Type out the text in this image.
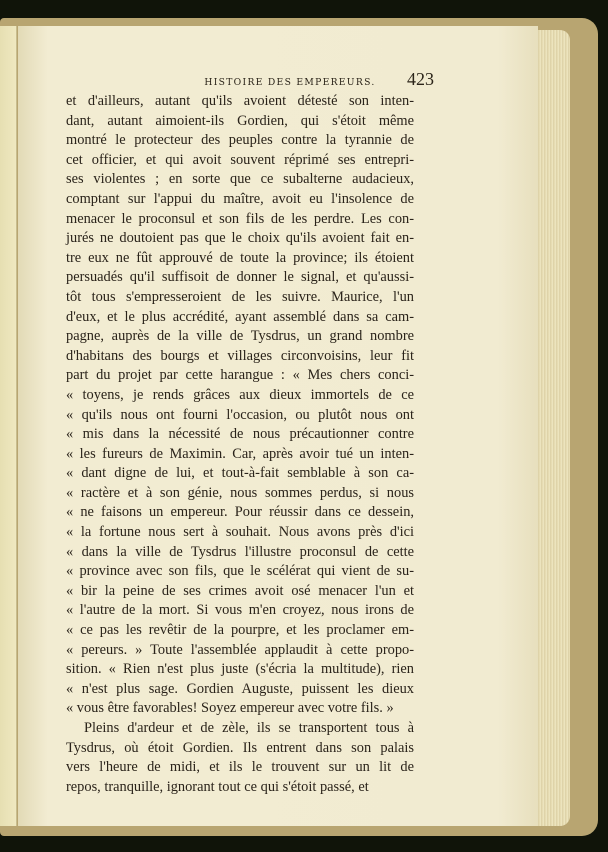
HISTOIRE DES EMPEREURS.	423
et d'ailleurs, autant qu'ils avoient détesté son inten-
dant, autant aimoient-ils Gordien, qui s'étoit même
montré le protecteur des peuples contre la tyrannie de
cet officier, et qui avoit souvent réprimé ses entrepri-
ses violentes ; en sorte que ce subalterne audacieux,
comptant sur l'appui du maître, avoit eu l'insolence de
menacer le proconsul et son fils de les perdre. Les con-
jurés ne doutoient pas que le choix qu'ils avoient fait en-
tre eux ne fût approuvé de toute la province; ils étoient
persuadés qu'il suffisoit de donner le signal, et qu'aussi-
tôt tous s'empresseroient de les suivre. Maurice, l'un
d'eux, et le plus accrédité, ayant assemblé dans sa cam-
pagne, auprès de la ville de Tysdrus, un grand nombre
d'habitans des bourgs et villages circonvoisins, leur fit
part du projet par cette harangue : « Mes chers conci-
« toyens, je rends grâces aux dieux immortels de ce
« qu'ils nous ont fourni l'occasion, ou plutôt nous ont
« mis dans la nécessité de nous précautionner contre
« les fureurs de Maximin. Car, après avoir tué un inten-
« dant digne de lui, et tout-à-fait semblable à son ca-
« ractère et à son génie, nous sommes perdus, si nous
« ne faisons un empereur. Pour réussir dans ce dessein,
« la fortune nous sert à souhait. Nous avons près d'ici
« dans la ville de Tysdrus l'illustre proconsul de cette
« province avec son fils, que le scélérat qui vient de su-
« bir la peine de ses crimes avoit osé menacer l'un et
« l'autre de la mort. Si vous m'en croyez, nous irons de
« ce pas les revêtir de la pourpre, et les proclamer em-
« pereurs. » Toute l'assemblée applaudit à cette propo-
sition. « Rien n'est plus juste (s'écria la multitude), rien
« n'est plus sage. Gordien Auguste, puissent les dieux
« vous être favorables! Soyez empereur avec votre fils. »
Pleins d'ardeur et de zèle, ils se transportent tous à
Tysdrus, où étoit Gordien. Ils entrent dans son palais
vers l'heure de midi, et ils le trouvent sur un lit de
repos, tranquille, ignorant tout ce qui s'étoit passé, et
